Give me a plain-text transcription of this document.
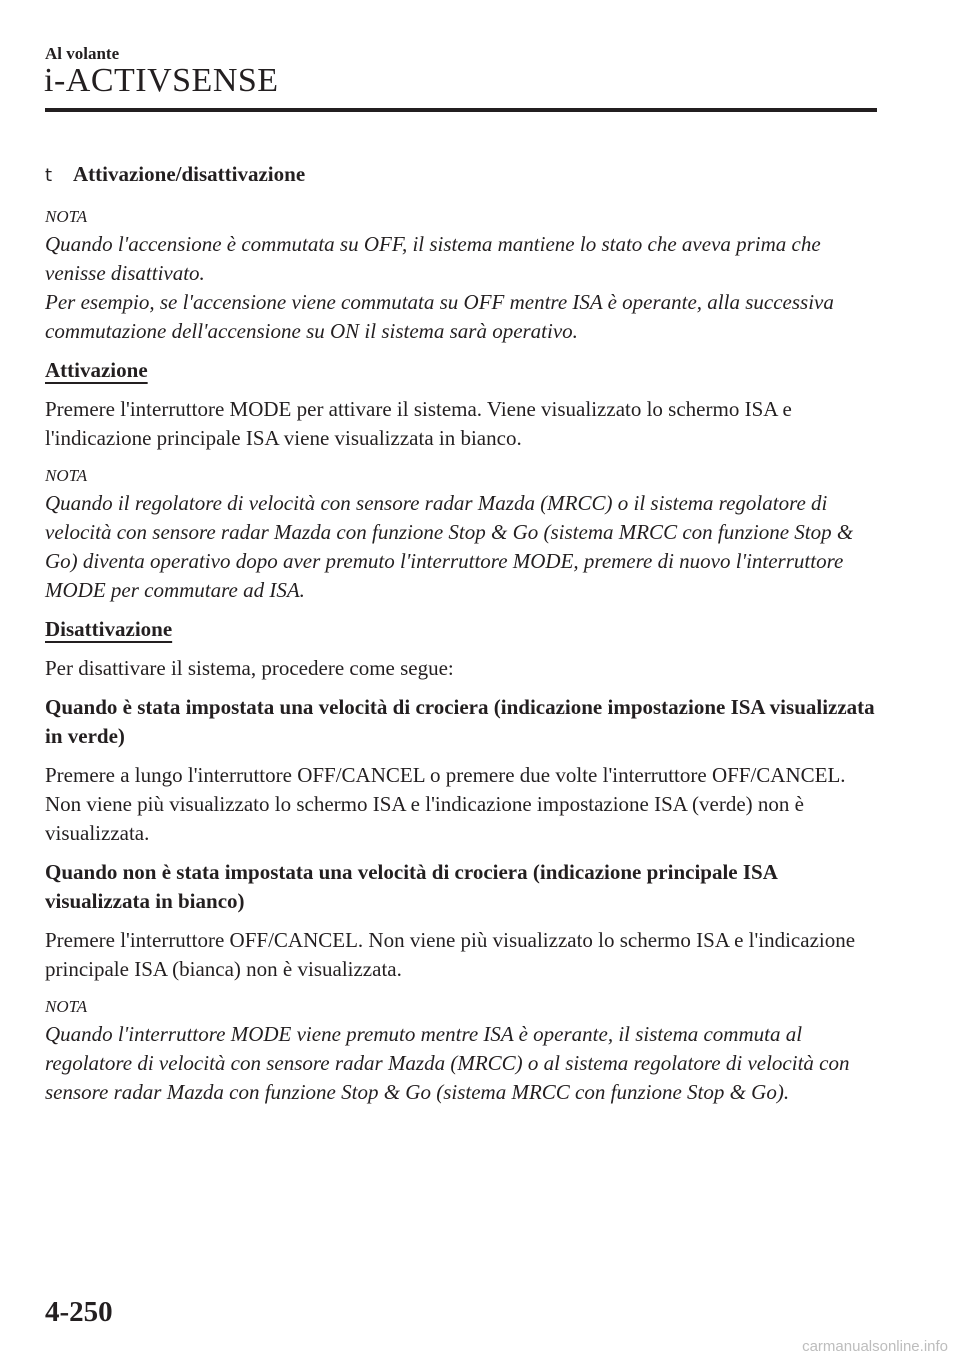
Al volante
i-ACTIVSENSE
t Attivazione/disattivazione
NOTA

Quando l'accensione è commutata su OFF, il sistema mantiene lo stato che aveva prima che venisse disattivato.

Per esempio, se l'accensione viene commutata su OFF mentre ISA è operante, alla successiva commutazione dell'accensione su ON il sistema sarà operativo.

Attivazione
Premere l'interruttore MODE per attivare il sistema. Viene visualizzato lo schermo ISA e l'indicazione principale ISA viene visualizzata in bianco.
NOTA

Quando il regolatore di velocità con sensore radar Mazda (MRCC) o il sistema regolatore di velocità con sensore radar Mazda con funzione Stop & Go (sistema MRCC con funzione Stop & Go) diventa operativo dopo aver premuto l'interruttore MODE, premere di nuovo l'interruttore MODE per commutare ad ISA.

Disattivazione
Per disattivare il sistema, procedere come segue:
Quando è stata impostata una velocità di crociera (indicazione impostazione ISA visualizzata in verde)
Premere a lungo l'interruttore OFF/CANCEL o premere due volte l'interruttore OFF/CANCEL. Non viene più visualizzato lo schermo ISA e l'indicazione impostazione ISA (verde) non è visualizzata.
Quando non è stata impostata una velocità di crociera (indicazione principale ISA visualizzata in bianco)
Premere l'interruttore OFF/CANCEL. Non viene più visualizzato lo schermo ISA e l'indicazione principale ISA (bianca) non è visualizzata.
NOTA

Quando l'interruttore MODE viene premuto mentre ISA è operante, il sistema commuta al regolatore di velocità con sensore radar Mazda (MRCC) o al sistema regolatore di velocità con sensore radar Mazda con funzione Stop & Go (sistema MRCC con funzione Stop & Go).

4-250
carmanualsonline.info
